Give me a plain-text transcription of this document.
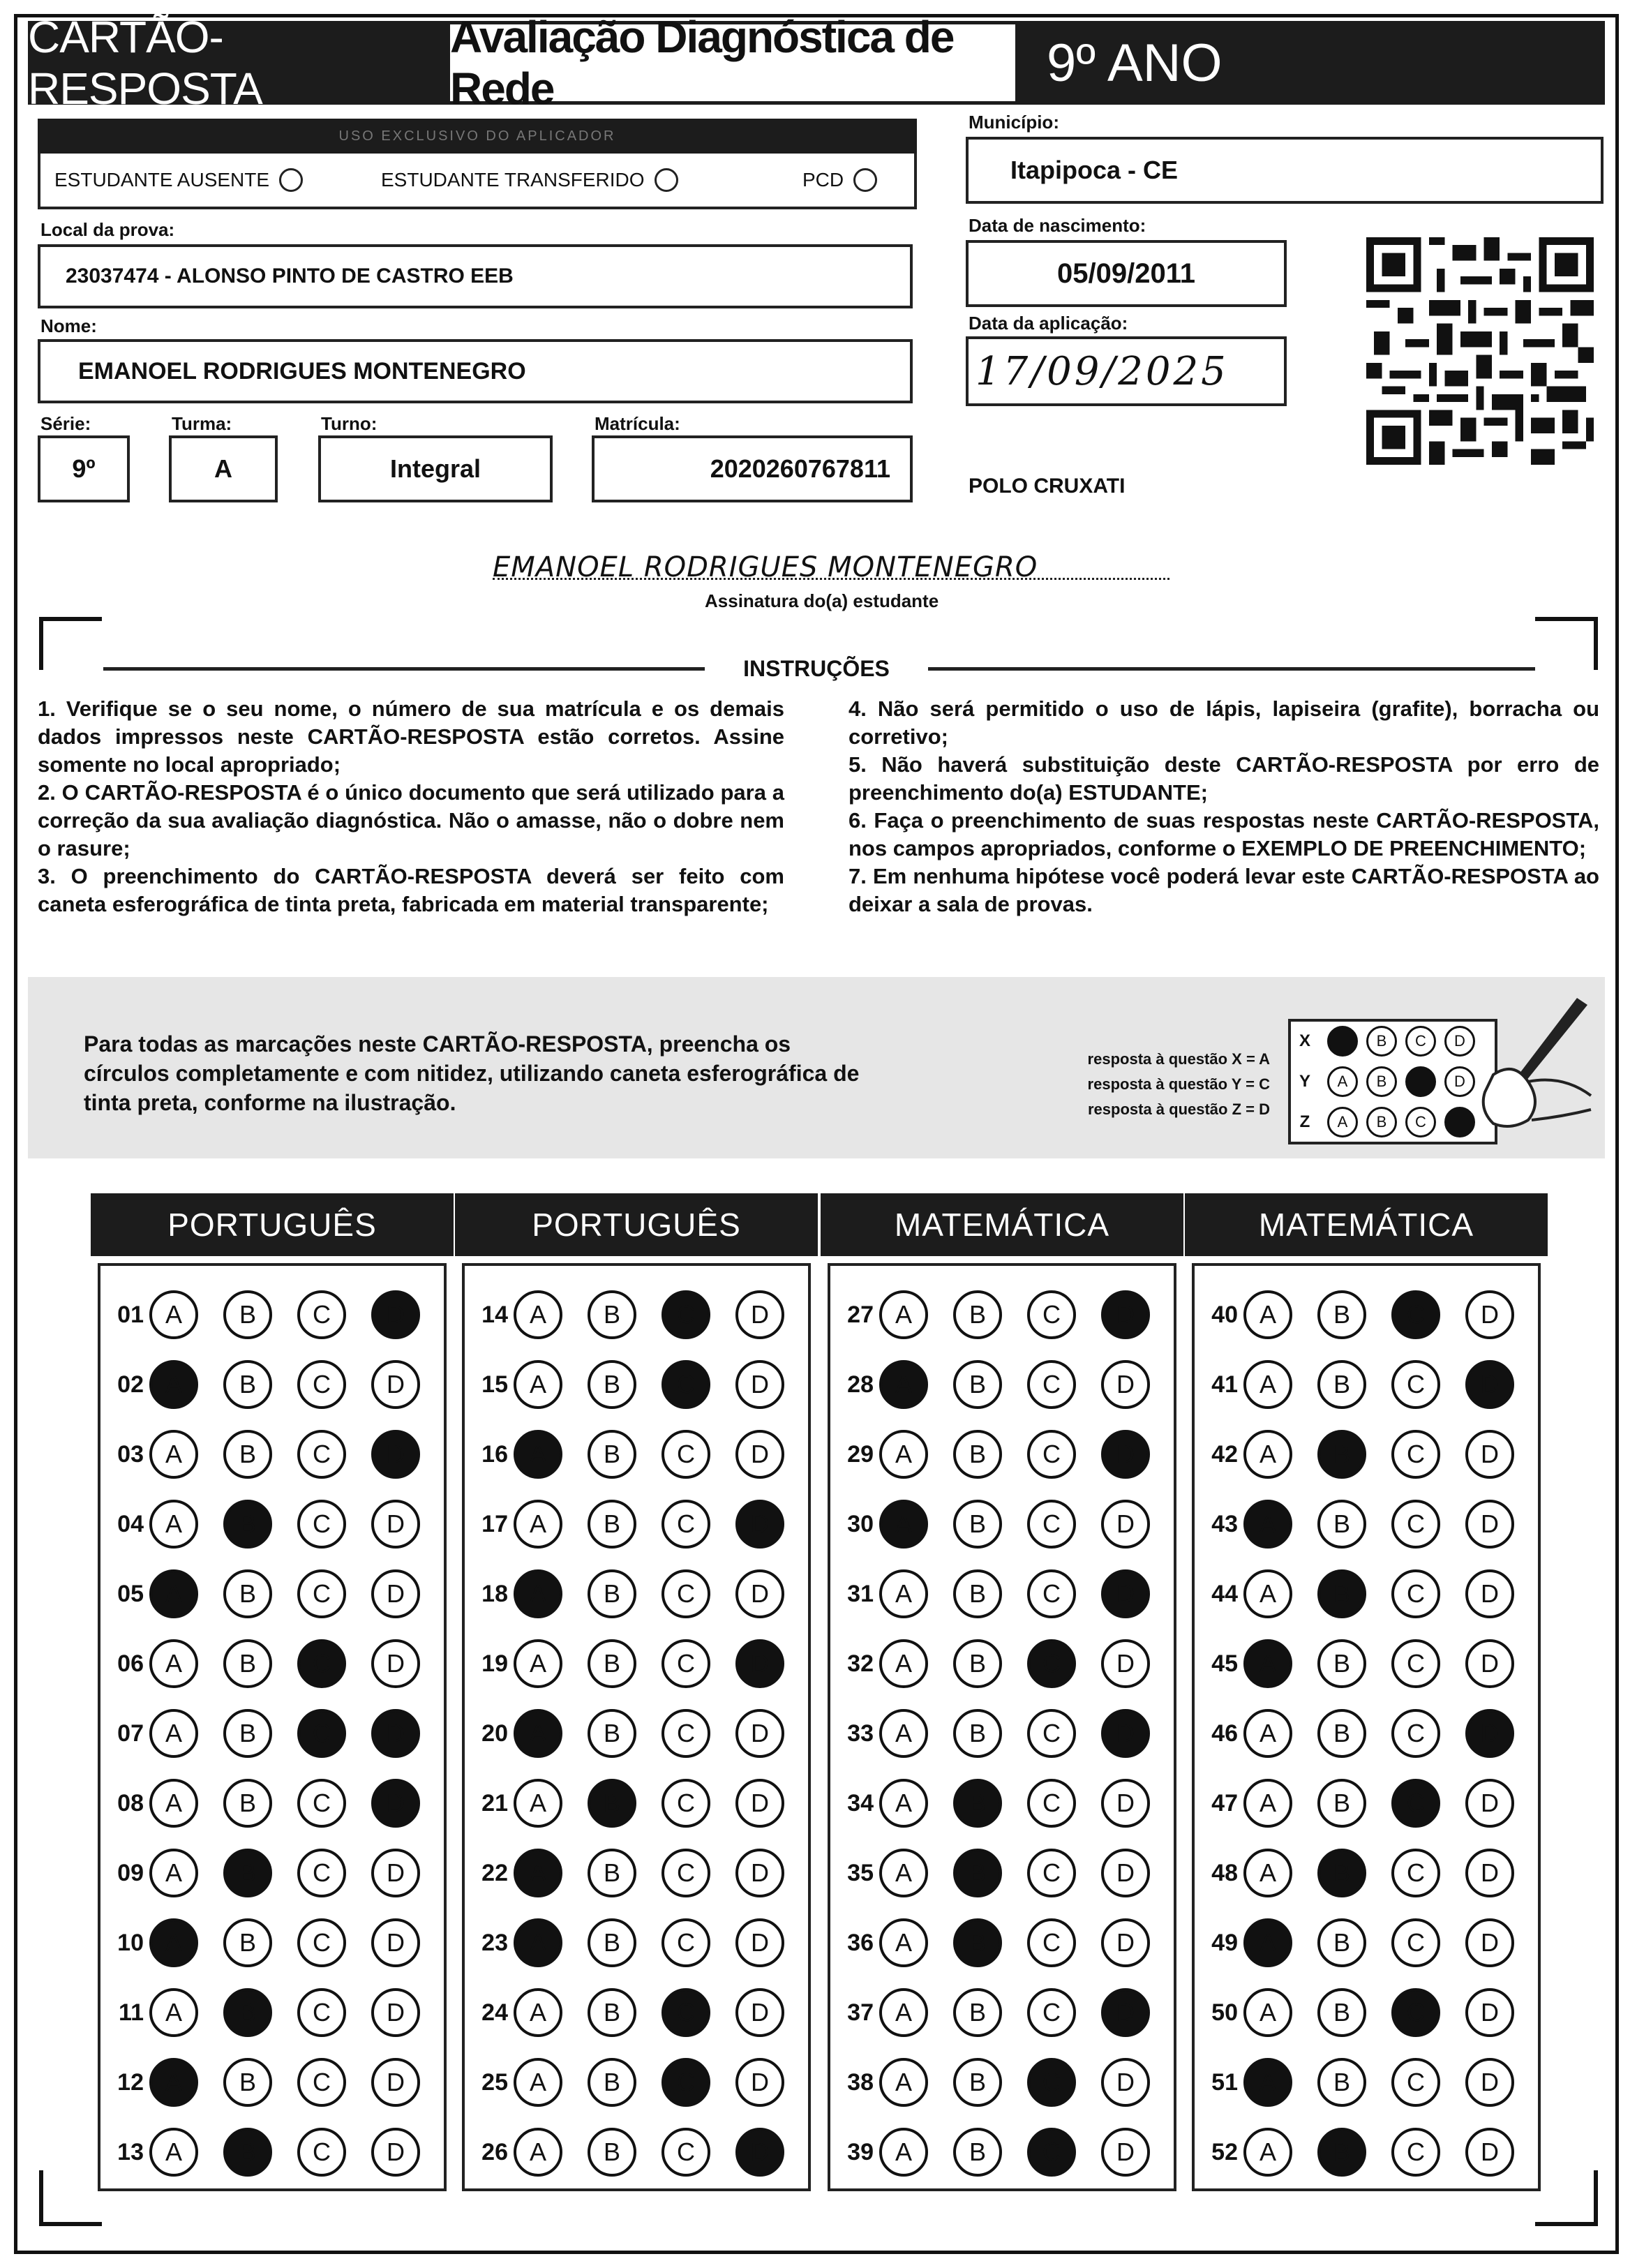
CARTÃO-RESPOSTA
Avaliação Diagnóstica de Rede	9º ANO
USO EXCLUSIVO DO APLICADOR
ESTUDANTE AUSENTE	ESTUDANTE TRANSFERIDO	PCD
Local da prova:
23037474 - ALONSO PINTO DE CASTRO EEB
Nome:
EMANOEL RODRIGUES MONTENEGRO
Série:
9º
Turma:
A
Turno:
Integral
Matrícula:
2020260767811
Município:
Itapipoca - CE
Data de nascimento:
05/09/2011
Data da aplicação:
17/09/2025
POLO CRUXATI
EMANOEL RODRIGUES MONTENEGRO
Assinatura do(a) estudante
INSTRUÇÕES

1. Verifique se o seu nome, o número de sua matrícula e os demais dados impressos neste CARTÃO-RESPOSTA estão corretos. Assine somente no local apropriado;

2. O CARTÃO-RESPOSTA é o único documento que será utilizado para a correção da sua avaliação diagnóstica. Não o amasse, não o dobre nem o rasure;

3. O preenchimento do CARTÃO-RESPOSTA deverá ser feito com caneta esferográfica de tinta preta, fabricada em material transparente;

4. Não será permitido o uso de lápis, lapiseira (grafite), borracha ou corretivo;

5. Não haverá substituição deste CARTÃO-RESPOSTA por erro de preenchimento do(a) ESTUDANTE;

6. Faça o preenchimento de suas respostas neste CARTÃO-RESPOSTA, nos campos apropriados, conforme o EXEMPLO DE PREENCHIMENTO;

7. Em nenhuma hipótese você poderá levar este CARTÃO-RESPOSTA ao deixar a sala de provas.

Para todas as marcações neste CARTÃO-RESPOSTA, preencha os círculos completamente e com nitidez, utilizando caneta esferográfica de tinta preta, conforme na ilustração.
resposta à questão X = A
resposta à questão Y = C
resposta à questão Z = D
X	B	C	D
Y	A	B	D
Z	A	B	C
PORTUGUÊS
01 A	B	C	D
02 A	B	C	D
03 A	B	C	D
04 A	B	C	D
05 A	B	C	D
06 A	B	C	D
07 A	B	C	D
08 A	B	C	D
09 A	B	C	D
10 A	B	C	D
11 A	B	C	D
12 A	B	C	D
13 A	B	C	D
PORTUGUÊS
14 A	B	C	D
15 A	B	C	D
16 A	B	C	D
17 A	B	C	D
18 A	B	C	D
19 A	B	C	D
20 A	B	C	D
21 A	B	C	D
22 A	B	C	D
23 A	B	C	D
24 A	B	C	D
25 A	B	C	D
26 A	B	C	D
MATEMÁTICA
27 A	B	C	D
28 A	B	C	D
29 A	B	C	D
30 A	B	C	D
31 A	B	C	D
32 A	B	C	D
33 A	B	C	D
34 A	B	C	D
35 A	B	C	D
36 A	B	C	D
37 A	B	C	D
38 A	B	C	D
39 A	B	C	D
MATEMÁTICA
40 A	B	C	D
41 A	B	C	D
42 A	B	C	D
43 A	B	C	D
44 A	B	C	D
45 A	B	C	D
46 A	B	C	D
47 A	B	C	D
48 A	B	C	D
49 A	B	C	D
50 A	B	C	D
51 A	B	C	D
52 A	B	C	D
